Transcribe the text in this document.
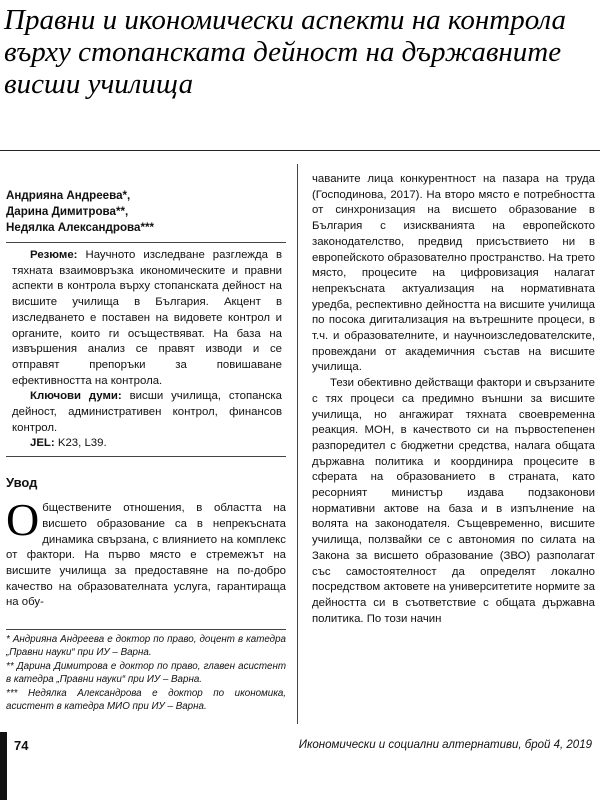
Правни и икономически аспекти на контрола върху стопанската дейност на държавните висши училища

Андрияна Андреева*,

Дарина Димитрова**,

Недялка Александрова***

Резюме: Научното изследване разглежда в тяхната взаимовръзка икономическите и правни аспекти в контрола върху стопанската дейност на висшите училища в България. Акцент в изследването е поставен на видовете контрол и органите, които ги осъществяват. На база на извършения анализ се правят изводи и се отправят препоръки за повишаване ефективността на контрола.

Ключови думи: висши училища, стопанска дейност, административен контрол, финансов контрол.

JEL: K23, L39.

Увод

Обществените отношения, в областта на висшето образование са в непрекъсната динамика свързана, с влиянието на комплекс от фактори. На първо място е стремежът на висшите училища за предоставяне на по-добро качество на образователната услуга, гарантираща на обу-

* Андрияна Андреева е доктор по право, доцент в катедра „Правни науки“ при ИУ – Варна.

** Дарина Димитрова е доктор по право, главен асистент в катедра „Правни науки“ при ИУ – Варна.

*** Недялка Александрова е доктор по икономика, асистент в катедра МИО при ИУ – Варна.

чаваните лица конкурентност на пазара на труда (Господинова, 2017). На второ място е потребността от синхронизация на висшето образование в България с изискванията на европейското законодателство, предвид присъствието ни в европейското образователно пространство. На трето място, процесите на цифровизация налагат непрекъсната актуализация на нормативната уредба, респективно дейността на висшите училища по посока дигитализация на вътрешните процеси, в т.ч. и образователните, и научноизследователските, провеждани от академичния състав на висшите училища.

Тези обективно действащи фактори и свързаните с тях процеси са предимно външни за висшите училища, но ангажират тяхната своевременна реакция. МОН, в качеството си на първостепенен разпоредител с бюджетни средства, налага общата държавна политика и координира процесите в сферата на образованието в страната, като ресорният министър издава подзаконови нормативни актове на база и в изпълнение на волята на законодателя. Същевременно, висшите училища, ползвайки се с автономия по силата на Закона за висшето образование (ЗВО) разполагат със самостоятелност да определят локално посредством актовете на университетите нормите за дейността си в съответствие с общата държавна политика. По този начин

74	Икономически и социални алтернативи, брой 4, 2019
